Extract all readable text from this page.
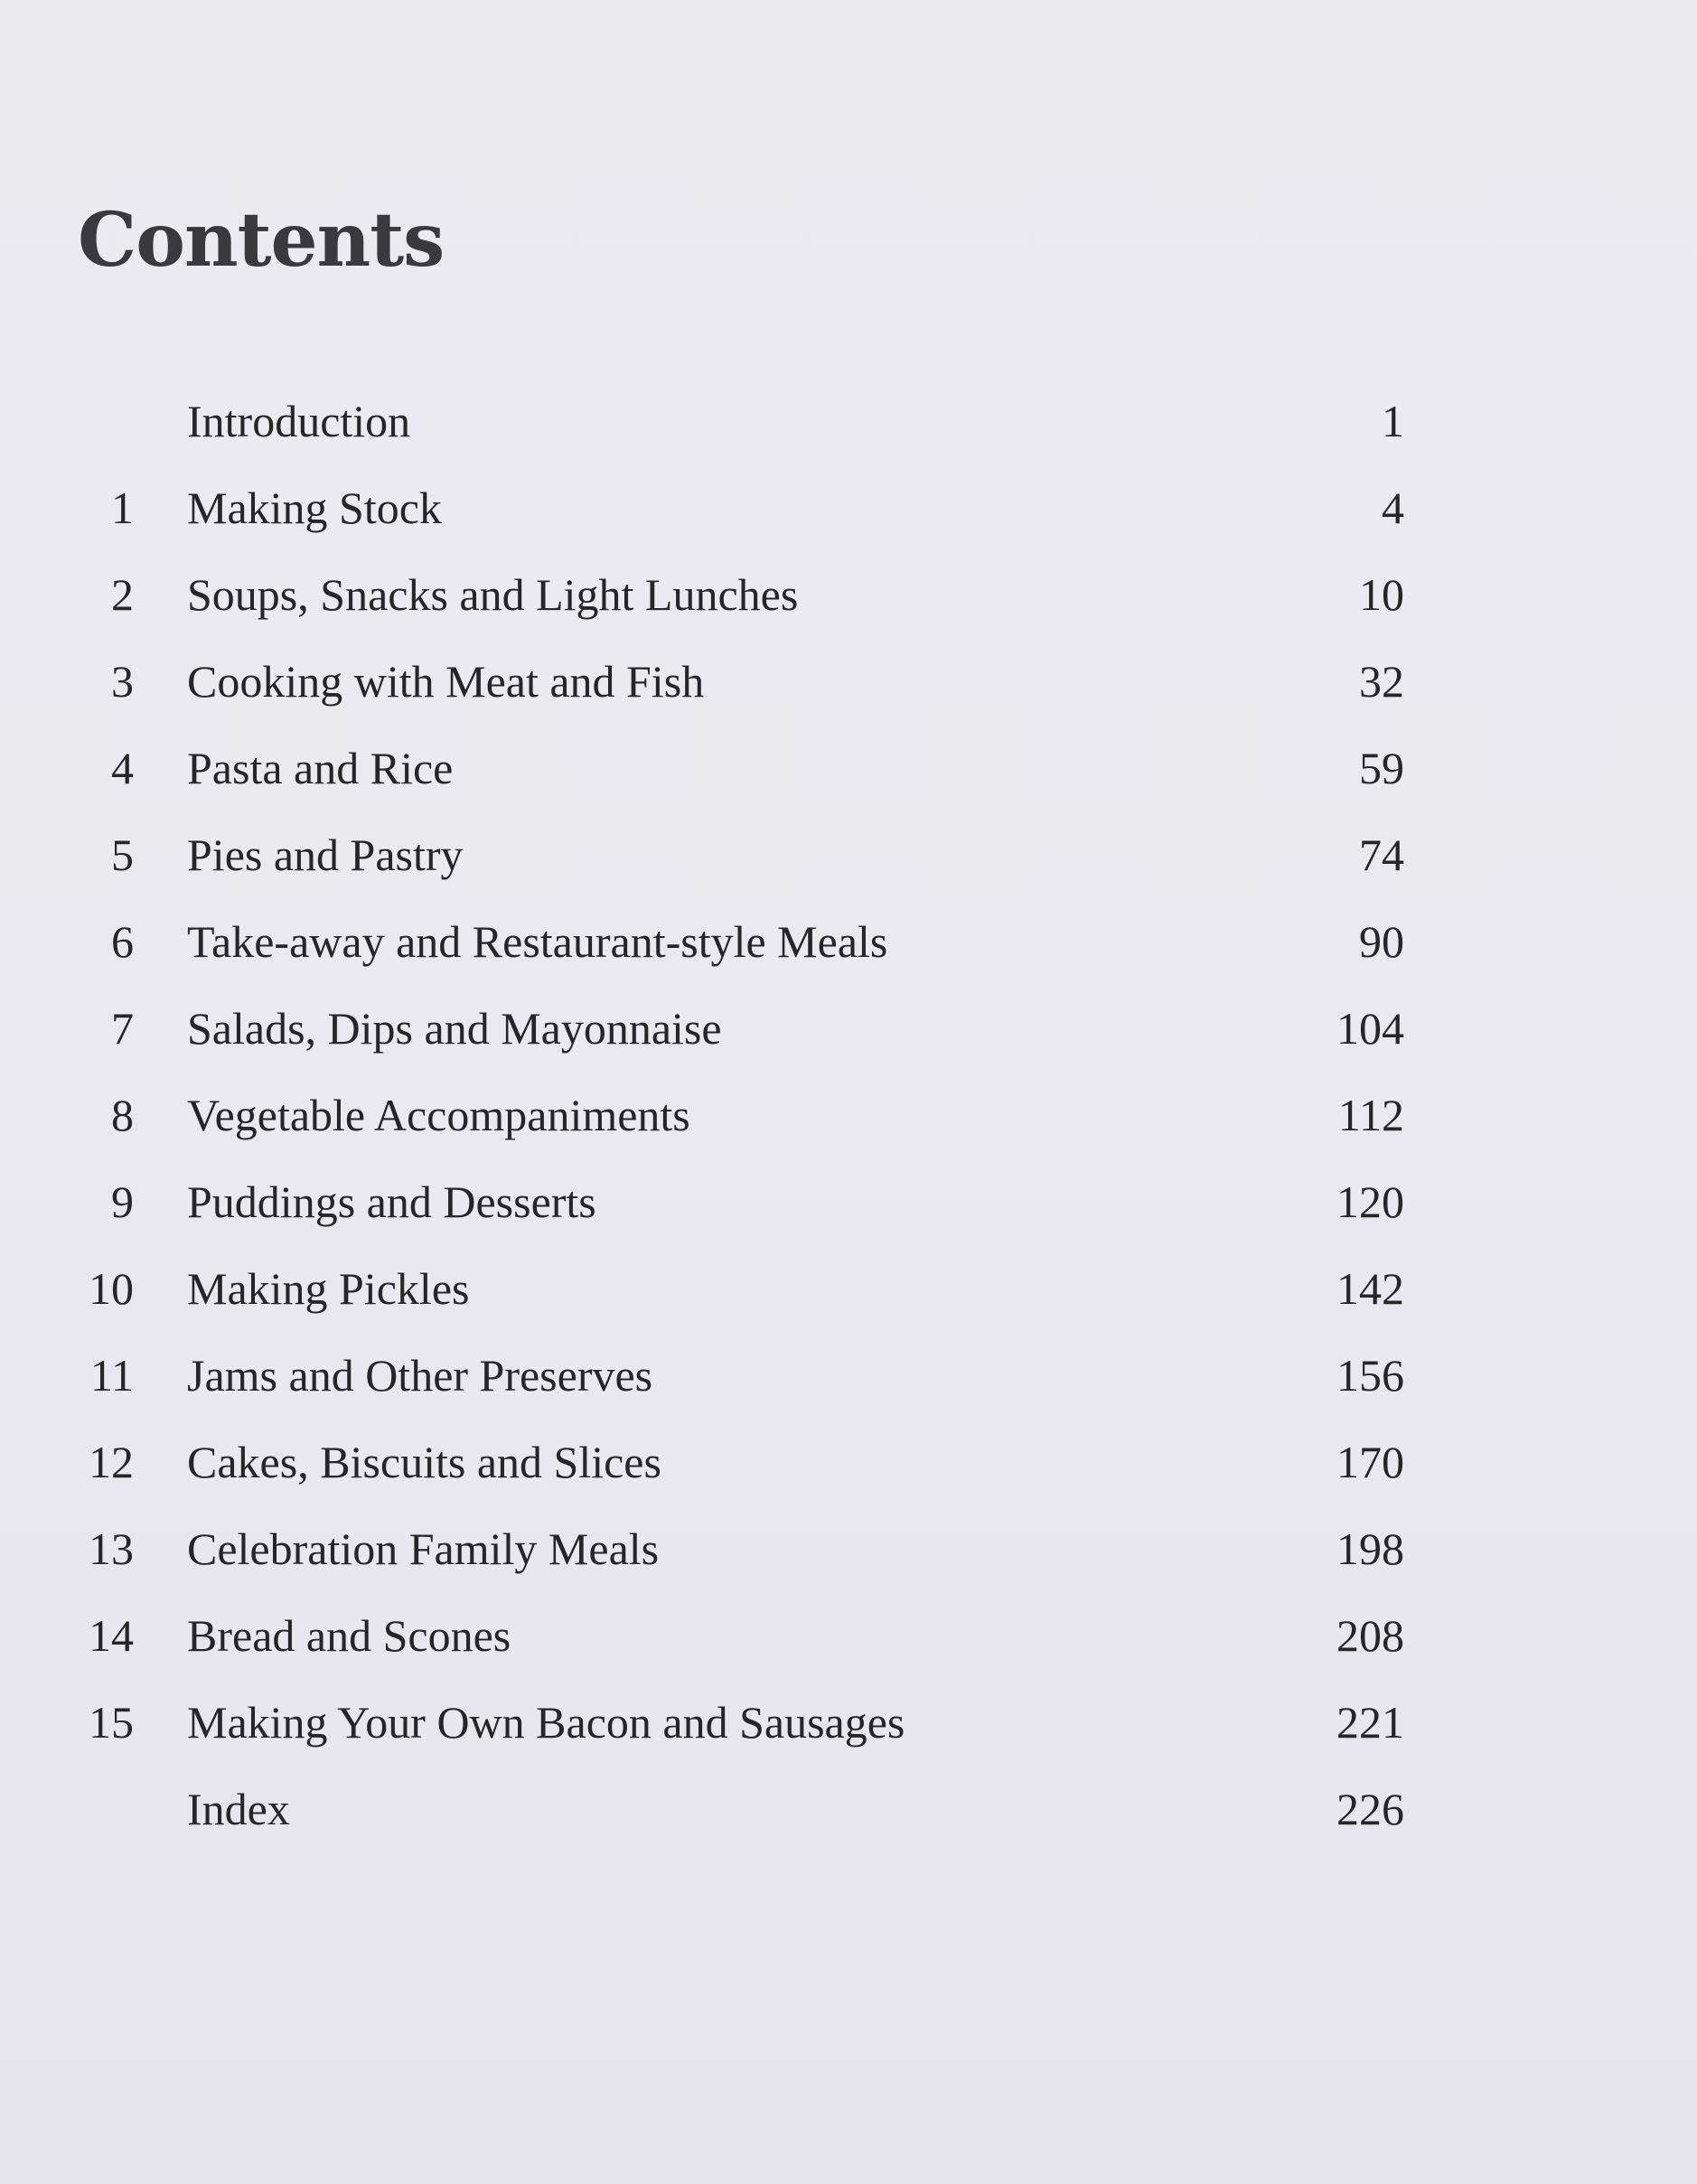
Contents
Introduction	1
1 Making Stock	4
2 Soups, Snacks and Light Lunches	10
3 Cooking with Meat and Fish	32
4 Pasta and Rice	59
5 Pies and Pastry	74
6 Take-away and Restaurant-style Meals	90
7 Salads, Dips and Mayonnaise	104
8 Vegetable Accompaniments	112
9 Puddings and Desserts	120
10 Making Pickles	142
11 Jams and Other Preserves	156
12 Cakes, Biscuits and Slices	170
13 Celebration Family Meals	198
14 Bread and Scones	208
15 Making Your Own Bacon and Sausages	221
Index	226
